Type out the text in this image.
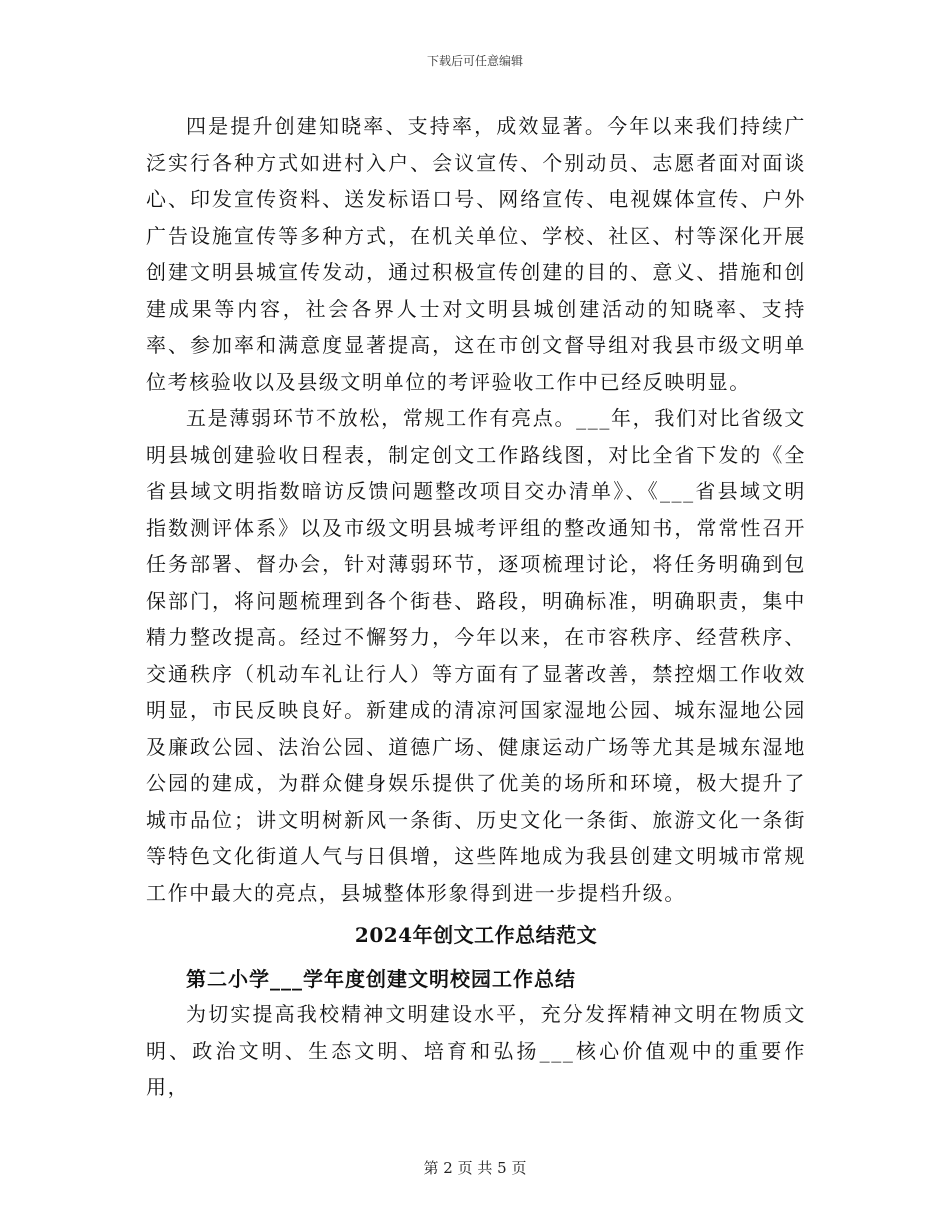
下载后可任意编辑

四是提升创建知晓率、支持率，成效显著。今年以来我们持续广泛实行各种方式如进村入户、会议宣传、个别动员、志愿者面对面谈心、印发宣传资料、送发标语口号、网络宣传、电视媒体宣传、户外广告设施宣传等多种方式，在机关单位、学校、社区、村等深化开展创建文明县城宣传发动，通过积极宣传创建的目的、意义、措施和创建成果等内容，社会各界人士对文明县城创建活动的知晓率、支持率、参加率和满意度显著提高，这在市创文督导组对我县市级文明单位考核验收以及县级文明单位的考评验收工作中已经反映明显。

五是薄弱环节不放松，常规工作有亮点。___年，我们对比省级文明县城创建验收日程表，制定创文工作路线图，对比全省下发的《全省县域文明指数暗访反馈问题整改项目交办清单》、《___省县域文明指数测评体系》以及市级文明县城考评组的整改通知书，常常性召开任务部署、督办会，针对薄弱环节，逐项梳理讨论，将任务明确到包保部门，将问题梳理到各个街巷、路段，明确标准，明确职责，集中精力整改提高。经过不懈努力，今年以来，在市容秩序、经营秩序、交通秩序（机动车礼让行人）等方面有了显著改善，禁控烟工作收效明显，市民反映良好。新建成的清凉河国家湿地公园、城东湿地公园及廉政公园、法治公园、道德广场、健康运动广场等尤其是城东湿地公园的建成，为群众健身娱乐提供了优美的场所和环境，极大提升了城市品位；讲文明树新风一条街、历史文化一条街、旅游文化一条街等特色文化街道人气与日俱增，这些阵地成为我县创建文明城市常规工作中最大的亮点，县城整体形象得到进一步提档升级。

2024年创文工作总结范文
第二小学___学年度创建文明校园工作总结

为切实提高我校精神文明建设水平，充分发挥精神文明在物质文明、政治文明、生态文明、培育和弘扬___核心价值观中的重要作用，

第 2 页 共 5 页
